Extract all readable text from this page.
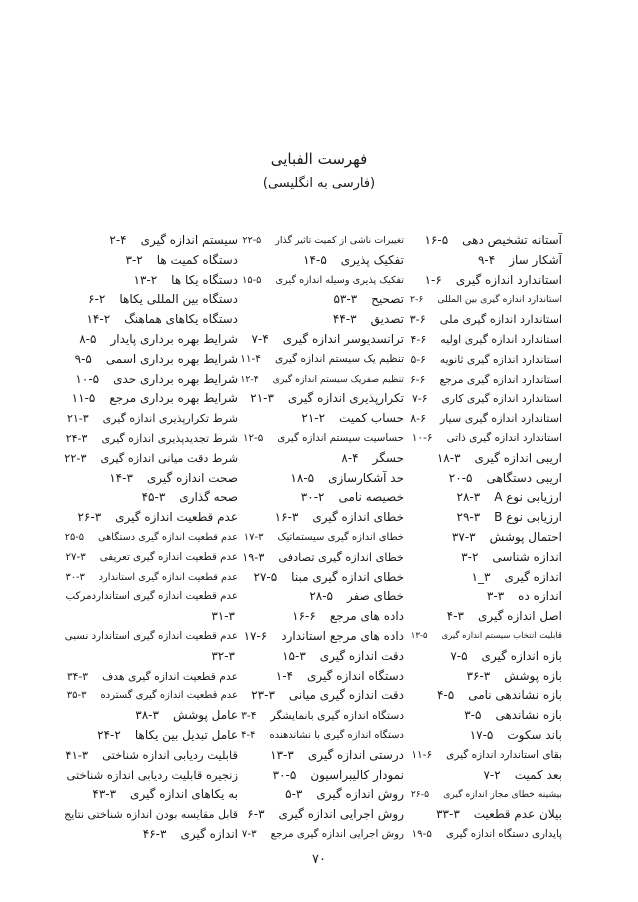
فهرست الفبایی
(فارسی به انگلیسی)
آستانه تشخیص دهی۱۶-۵
آشکار ساز۹-۴
استاندارد اندازه گیری۱-۶
استاندارد اندازه گیری بین المللی۲-۶
استاندارد اندازه گیری ملی۳-۶
استاندارد اندازه گیری اولیه۴-۶
استاندارد اندازه گیری ثانویه۵-۶
استاندارد اندازه گیری مرجع۶-۶
استاندارد اندازه گیری کاری۷-۶
استاندارد اندازه گیری سیار۸-۶
استاندارد اندازه گیری ذاتی۱۰-۶
اریبی اندازه گیری۱۸-۳
اریبی دستگاهی۲۰-۵
ارزیابی نوع A۲۸-۳
ارزیابی نوع B۲۹-۳
احتمال پوشش۳۷-۳
اندازه شناسی۳-۲
اندازه گیری۱_۳
اندازه ده۳-۳
اصل اندازه گیری۴-۳
قابلیت انتخاب سیستم اندازه گیری۱۳-۵
بازه اندازه گیری۷-۵
بازه پوشش۳۶-۳
بازه نشاندهی نامی۴-۵
بازه نشاندهی۳-۵
باند سکوت۱۷-۵
بقای استاندارد اندازه گیری۱۱-۶
بعد کمیت۷-۲
بیشینه خطای مجاز اندازه گیری۲۶-۵
بیلان عدم قطعیت۳۳-۳
پایداری دستگاه اندازه گیری۱۹-۵
تغییرات ناشی از کمیت تاثیر گذار۲۲-۵
تفکیک پذیری۱۴-۵
تفکیک پذیری وسیله اندازه گیری۱۵-۵
تصحیح۵۳-۳
تصدیق۴۴-۳
ترانسدیوسر اندازه گیری۷-۴
تنظیم یک سیستم اندازه گیری۱۱-۴
تنظیم صفریک سیستم اندازه گیری۱۲-۴
تکرارپذیری اندازه گیری۲۱-۳
حساب کمیت۲۱-۲
حساسیت سیستم اندازه گیری۱۲-۵
حسگر۸-۴
حد آشکارسازی۱۸-۵
خصیصه نامی۳۰-۲
خطای اندازه گیری۱۶-۳
خطای اندازه گیری سیستماتیک۱۷-۳
خطای اندازه گیری تصادفی۱۹-۳
خطای اندازه گیری مبنا۲۷-۵
خطای صفر۲۸-۵
داده های مرجع۱۶-۶
داده های مرجع استاندارد۱۷-۶
دقت اندازه گیری۱۵-۳
دستگاه اندازه گیری۱-۴
دقت اندازه گیری میانی۲۳-۳
دستگاه اندازه گیری بانمایشگر۳-۴
دستگاه اندازه گیری با نشاندهنده۴-۴
درستی اندازه گیری۱۳-۳
نمودار کالیبراسیون۳۰-۵
روش اندازه گیری۵-۳
روش اجرایی اندازه گیری۶-۳
روش اجرایی اندازه گیری مرجع۷-۳
سیستم اندازه گیری۲-۴
دستگاه کمیت ها۳-۲
دستگاه یکا ها۱۳-۲
دستگاه بین المللی یکاها۶-۲
دستگاه یکاهای هماهنگ۱۴-۲
شرایط بهره برداری پایدار۸-۵
شرایط بهره برداری اسمی۹-۵
شرایط بهره برداری حدی۱۰-۵
شرایط بهره برداری مرجع۱۱-۵
شرط تکرارپذیری اندازه گیری۲۱-۳
شرط تجدیدپذیری اندازه گیری۲۴-۳
شرط دقت میانی اندازه گیری۲۲-۳
صحت اندازه گیری۱۴-۳
صحه گذاری۴۵-۳
عدم قطعیت اندازه گیری۲۶-۳
عدم قطعیت اندازه گیری دستگاهی۲۵-۵
عدم قطعیت اندازه گیری تعریفی۲۷-۳
عدم قطعیت اندازه گیری استاندارد۳۰-۳
عدم قطعیت اندازه گیری استانداردمرکب
۳۱-۳
عدم قطعیت اندازه گیری استاندارد نسبی
۳۲-۳
عدم قطعیت اندازه گیری هدف۳۴-۳
عدم قطعیت اندازه گیری گسترده۳۵-۳
عامل پوشش۳۸-۳
عامل تبدیل بین یکاها۲۴-۲
قابلیت ردیابی اندازه شناختی۴۱-۳
زنجیره قابلیت ردیابی اندازه شناختی
به یکاهای اندازه گیری۴۳-۳
قابل مقایسه بودن اندازه شناختی نتایج
اندازه گیری۴۶-۳
۷۰
